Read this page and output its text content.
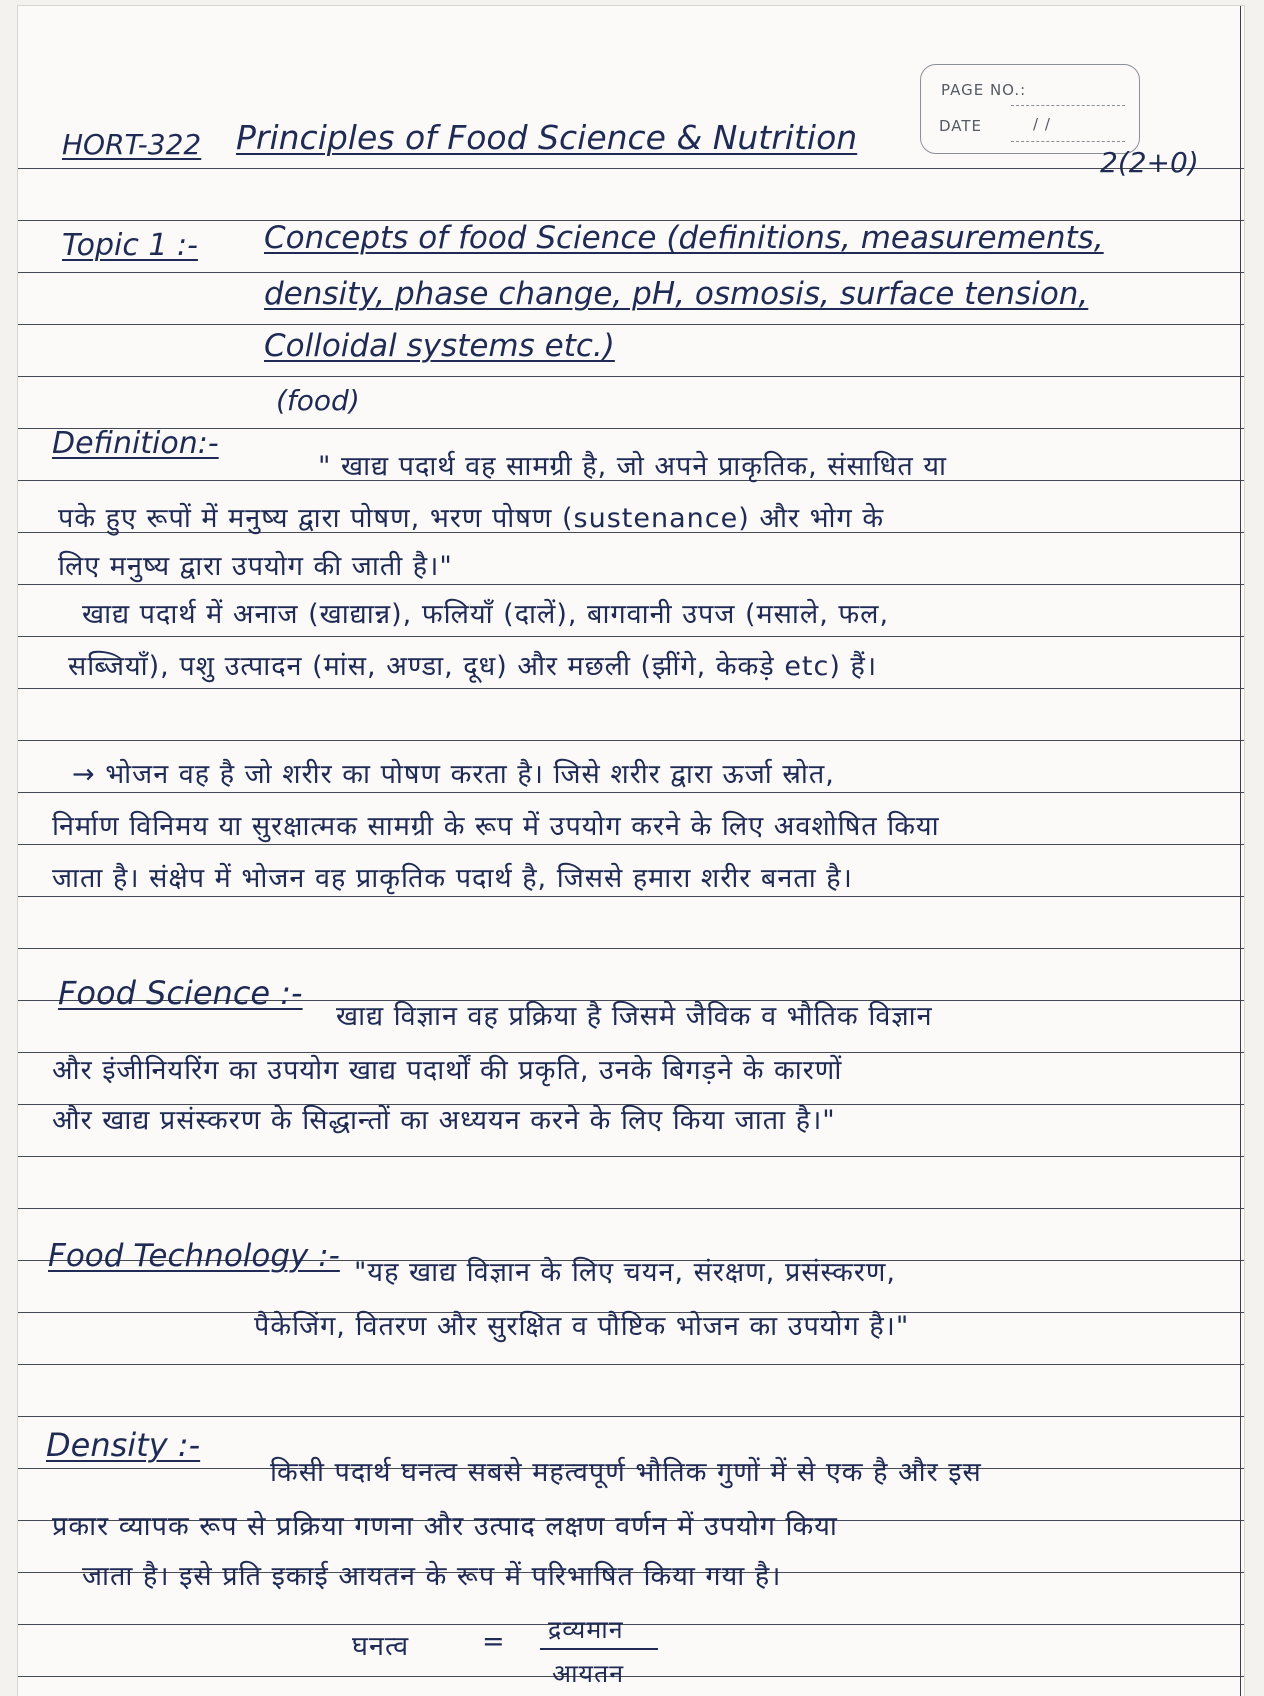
PAGE NO.:
DATE	/ /
HORT-322 Principles of Food Science & Nutrition
2(2+0)
Topic 1 :- Concepts of food Science (definitions, measurements,
density, phase change, pH, osmosis, surface tension,
Colloidal systems etc.)
(food)
Definition:-
" खाद्य पदार्थ वह सामग्री है, जो अपने प्राकृतिक, संसाधित या
पके हुए रूपों में मनुष्य द्वारा पोषण, भरण पोषण (sustenance) और भोग के
लिए मनुष्य द्वारा उपयोग की जाती है।"
खाद्य पदार्थ में अनाज (खाद्यान्न), फलियाँ (दालें), बागवानी उपज (मसाले, फल,
सब्जियाँ), पशु उत्पादन (मांस, अण्डा, दूध) और मछली (झींगे, केकड़े etc) हैं।
→ भोजन वह है जो शरीर का पोषण करता है। जिसे शरीर द्वारा ऊर्जा स्रोत,
निर्माण विनिमय या सुरक्षात्मक सामग्री के रूप में उपयोग करने के लिए अवशोषित किया
जाता है। संक्षेप में भोजन वह प्राकृतिक पदार्थ है, जिससे हमारा शरीर बनता है।
Food Science :-
खाद्य विज्ञान वह प्रक्रिया है जिसमे जैविक व भौतिक विज्ञान
और इंजीनियरिंग का उपयोग खाद्य पदार्थों की प्रकृति, उनके बिगड़ने के कारणों
और खाद्य प्रसंस्करण के सिद्धान्तों का अध्ययन करने के लिए किया जाता है।"
Food Technology :- "यह खाद्य विज्ञान के लिए चयन, संरक्षण, प्रसंस्करण,
पैकेजिंग, वितरण और सुरक्षित व पौष्टिक भोजन का उपयोग है।"
Density :-
किसी पदार्थ घनत्व सबसे महत्वपूर्ण भौतिक गुणों में से एक है और इस
प्रकार व्यापक रूप से प्रक्रिया गणना और उत्पाद लक्षण वर्णन में उपयोग किया
जाता है। इसे प्रति इकाई आयतन के रूप में परिभाषित किया गया है।
घनत्व	= द्रव्यमान
आयतन
